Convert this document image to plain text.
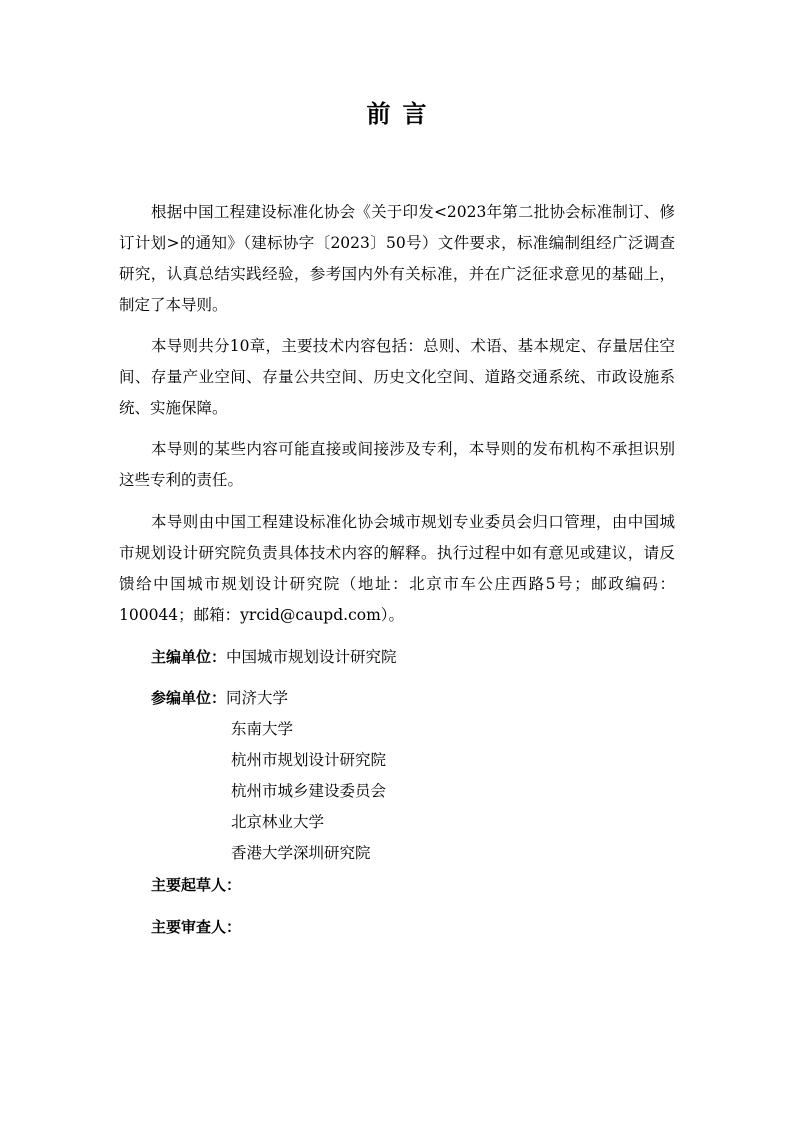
前言

根据中国工程建设标准化协会《关于印发<2023年第二批协会标准制订、修订计划>的通知》（建标协字〔2023〕50号）文件要求，标准编制组经广泛调查研究，认真总结实践经验，参考国内外有关标准，并在广泛征求意见的基础上，制定了本导则。

本导则共分10章，主要技术内容包括：总则、术语、基本规定、存量居住空间、存量产业空间、存量公共空间、历史文化空间、道路交通系统、市政设施系统、实施保障。

本导则的某些内容可能直接或间接涉及专利，本导则的发布机构不承担识别这些专利的责任。

本导则由中国工程建设标准化协会城市规划专业委员会归口管理，由中国城市规划设计研究院负责具体技术内容的解释。执行过程中如有意见或建议，请反馈给中国城市规划设计研究院（地址：北京市车公庄西路5号；邮政编码：100044；邮箱：yrcid@caupd.com）。

主编单位：中国城市规划设计研究院
参编单位：同济大学
东南大学
杭州市规划设计研究院
杭州市城乡建设委员会
北京林业大学
香港大学深圳研究院
主要起草人：
主要审查人：
